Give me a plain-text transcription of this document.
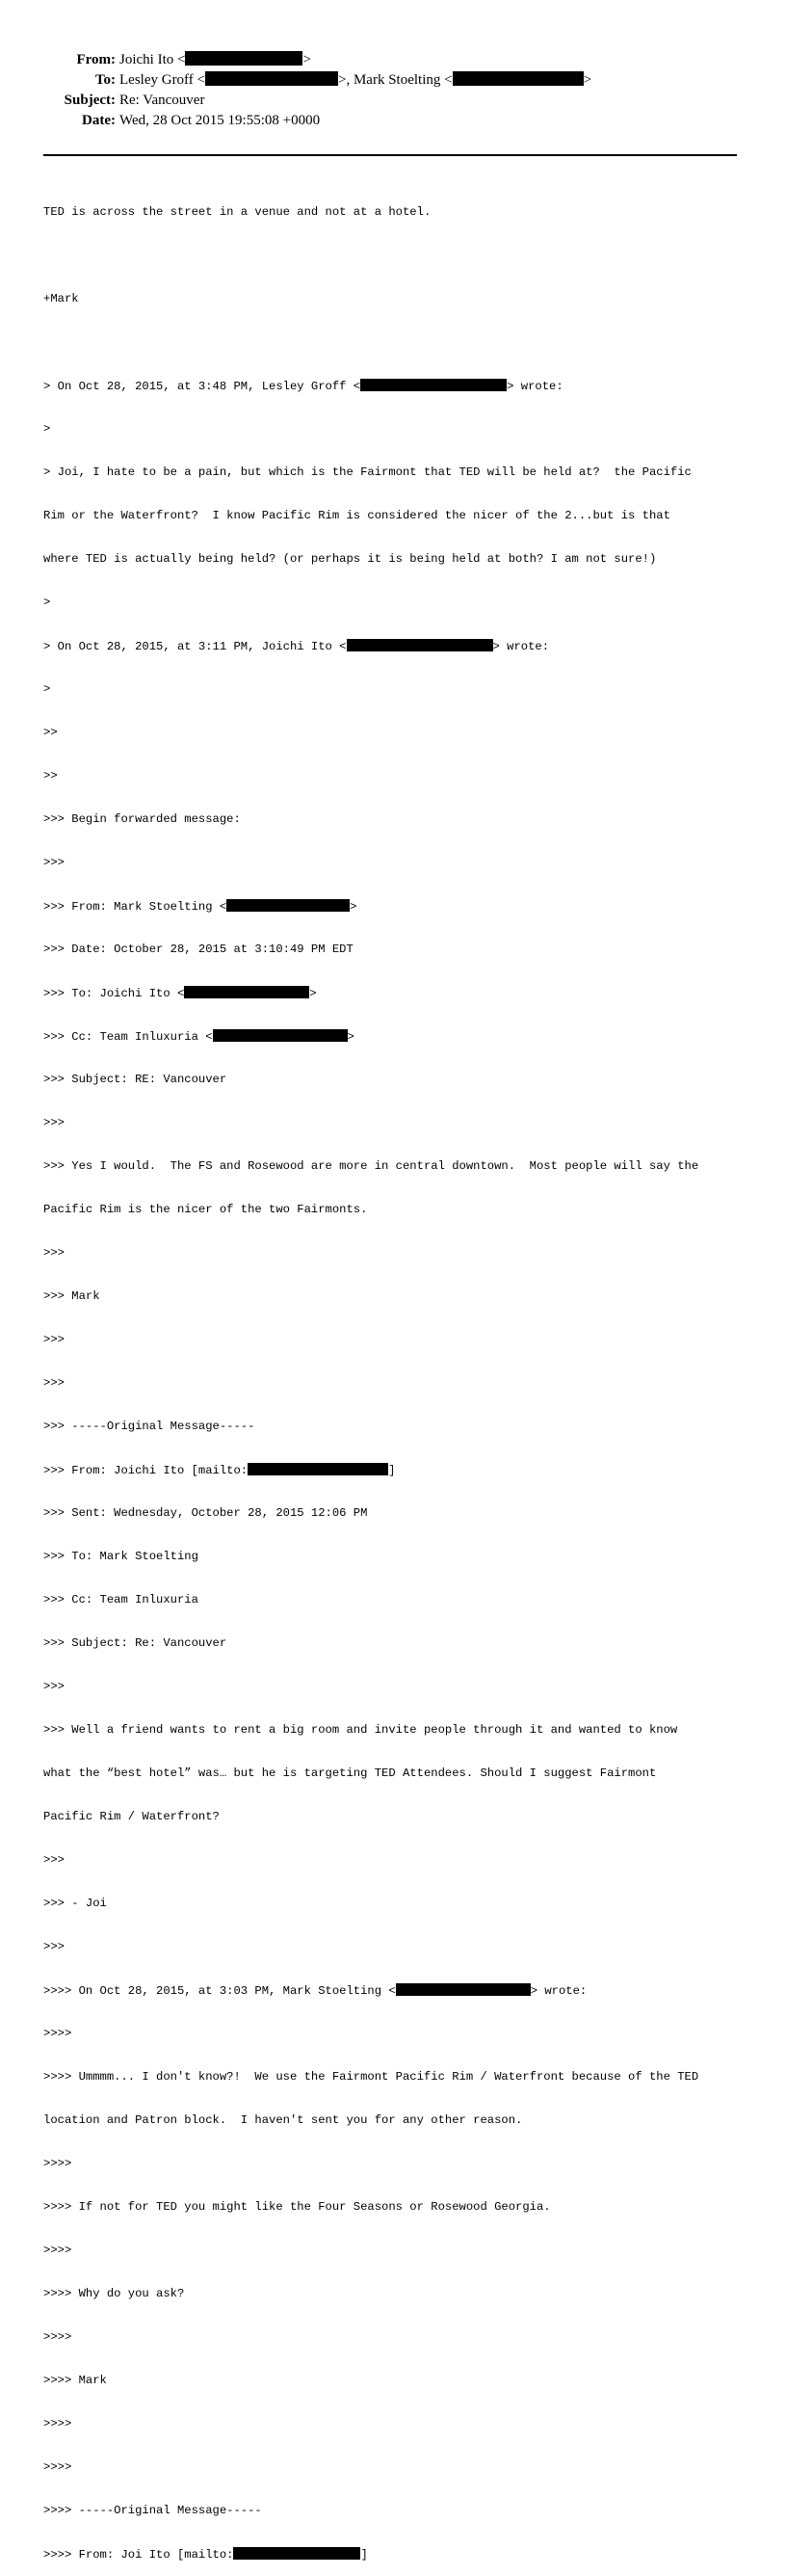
From: Joichi Ito <	>
To: Lesley Groff <	>, Mark Stoelting <	>
Subject: Re: Vancouver
Date: Wed, 28 Oct 2015 19:55:08 +0000

TED is across the street in a venue and not at a hotel.

+Mark

> On Oct 28, 2015, at 3:48 PM, Lesley Groff <	> wrote:

>

> Joi, I hate to be a pain, but which is the Fairmont that TED will be held at?  the Pacific

Rim or the Waterfront?  I know Pacific Rim is considered the nicer of the 2...but is that

where TED is actually being held? (or perhaps it is being held at both? I am not sure!)

>

> On Oct 28, 2015, at 3:11 PM, Joichi Ito <	> wrote:

>

>>

>>

>>> Begin forwarded message:

>>>

>>> From: Mark Stoelting <	>

>>> Date: October 28, 2015 at 3:10:49 PM EDT

>>> To: Joichi Ito <	>

>>> Cc: Team Inluxuria <	>

>>> Subject: RE: Vancouver

>>>

>>> Yes I would.  The FS and Rosewood are more in central downtown.  Most people will say the

Pacific Rim is the nicer of the two Fairmonts.

>>>

>>> Mark

>>>

>>>

>>> -----Original Message-----

>>> From: Joichi Ito [mailto:	]

>>> Sent: Wednesday, October 28, 2015 12:06 PM

>>> To: Mark Stoelting

>>> Cc: Team Inluxuria

>>> Subject: Re: Vancouver

>>>

>>> Well a friend wants to rent a big room and invite people through it and wanted to know

what the “best hotel” was… but he is targeting TED Attendees. Should I suggest Fairmont

Pacific Rim / Waterfront?

>>>

>>> - Joi

>>>

>>>> On Oct 28, 2015, at 3:03 PM, Mark Stoelting <	> wrote:

>>>>

>>>> Ummmm... I don't know?!  We use the Fairmont Pacific Rim / Waterfront because of the TED

location and Patron block.  I haven't sent you for any other reason.

>>>>

>>>> If not for TED you might like the Four Seasons or Rosewood Georgia.

>>>>

>>>> Why do you ask?

>>>>

>>>> Mark

>>>>

>>>>

>>>> -----Original Message-----

>>>> From: Joi Ito [mailto:	]
